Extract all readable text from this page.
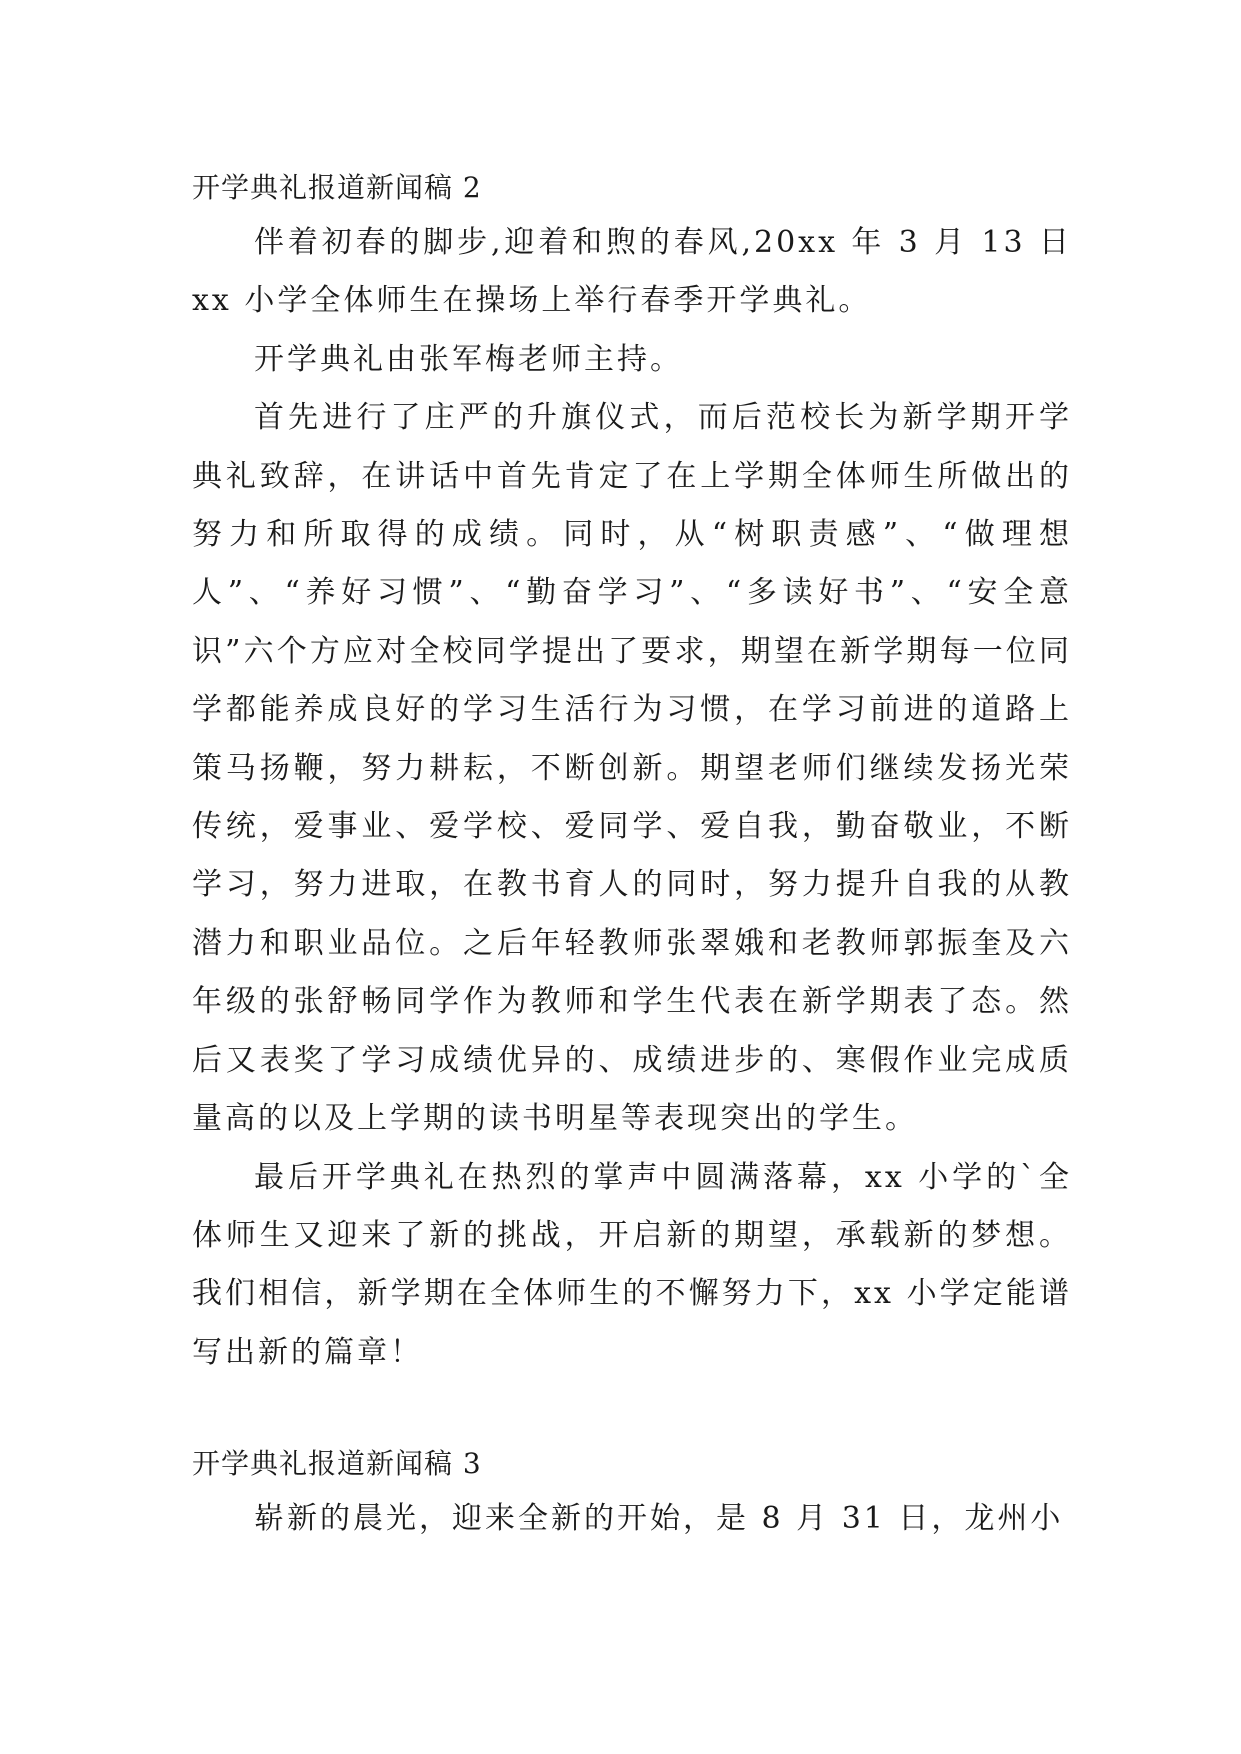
开学典礼报道新闻稿 2

伴着初春的脚步,迎着和煦的春风,20xx 年 3 月 13 日 xx 小学全体师生在操场上举行春季开学典礼。

开学典礼由张军梅老师主持。

首先进行了庄严的升旗仪式，而后范校长为新学期开学典礼致辞，在讲话中首先肯定了在上学期全体师生所做出的努力和所取得的成绩。同时，从“树职责感”、“做理想人”、“养好习惯”、“勤奋学习”、“多读好书”、“安全意识”六个方应对全校同学提出了要求，期望在新学期每一位同学都能养成良好的学习生活行为习惯，在学习前进的道路上策马扬鞭，努力耕耘，不断创新。期望老师们继续发扬光荣传统，爱事业、爱学校、爱同学、爱自我，勤奋敬业，不断学习，努力进取，在教书育人的同时，努力提升自我的从教潜力和职业品位。之后年轻教师张翠娥和老教师郭振奎及六年级的张舒畅同学作为教师和学生代表在新学期表了态。然后又表奖了学习成绩优异的、成绩进步的、寒假作业完成质量高的以及上学期的读书明星等表现突出的学生。

最后开学典礼在热烈的掌声中圆满落幕，xx 小学的`全体师生又迎来了新的挑战，开启新的期望，承载新的梦想。我们相信，新学期在全体师生的不懈努力下，xx 小学定能谱写出新的篇章！

开学典礼报道新闻稿 3

崭新的晨光，迎来全新的开始，是 8 月 31 日，龙州小
